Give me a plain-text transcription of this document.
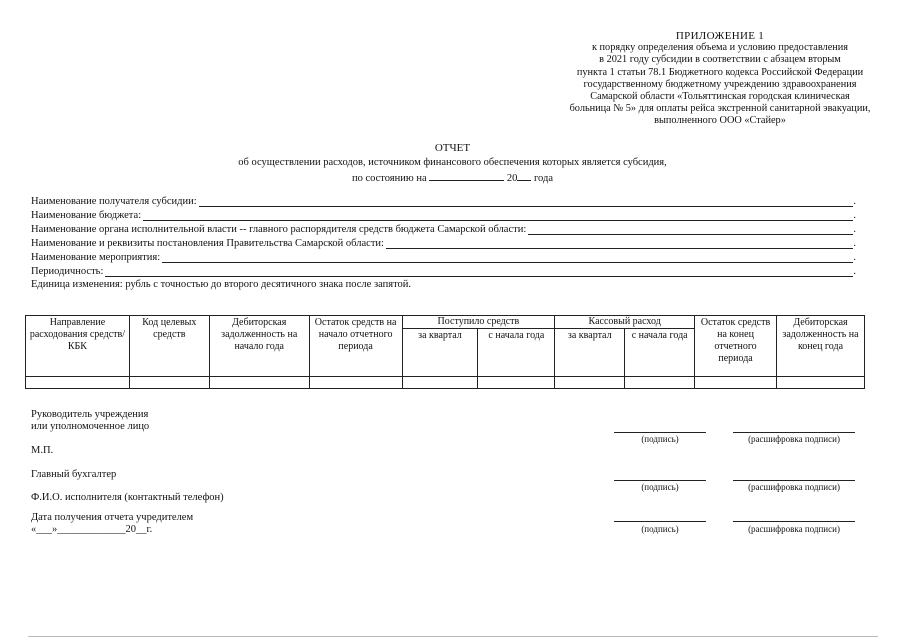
ПРИЛОЖЕНИЕ 1
к порядку определения объема и условию предоставления
в 2021 году субсидии в соответствии с абзацем вторым
пункта 1 статьи 78.1 Бюджетного кодекса Российской Федерации
государственному бюджетному учреждению здравоохранения
Самарской области «Тольяттинская городская клиническая
больница № 5» для оплаты рейса экстренной санитарной эвакуации,
выполненного ООО «Стайер»
ОТЧЕТ
об осуществлении расходов, источником финансового обеспечения которых является субсидия,
по состоянию на	20 года
Наименование получателя субсидии:	.
Наименование бюджета:	.
Наименование органа исполнительной власти -- главного распорядителя средств бюджета Самарской области:	.
Наименование и реквизиты постановления Правительства Самарской области:	.
Наименование мероприятия:	.
Периодичность:	.
Единица изменения: рубль с точностью до второго десятичного знака после запятой.
Направление расходования средств/КБК	Код целевых средств	Дебиторская задолженность на начало года	Остаток средств на начало отчетного периода	Поступило средств		Кассовый расход		Остаток средств на конец отчетного периода	Дебиторская задолженность на конец года
				за квартал	с начала года	за квартал	с начала года		

Руководитель учреждения
или уполномоченное лицо
(подпись)	(расшифровка подписи)
М.П.
Главный бухгалтер
(подпись)	(расшифровка подписи)
Ф.И.О. исполнителя (контактный телефон)
Дата получения отчета учредителем
«___»_____________20__г.	(подпись)	(расшифровка подписи)
